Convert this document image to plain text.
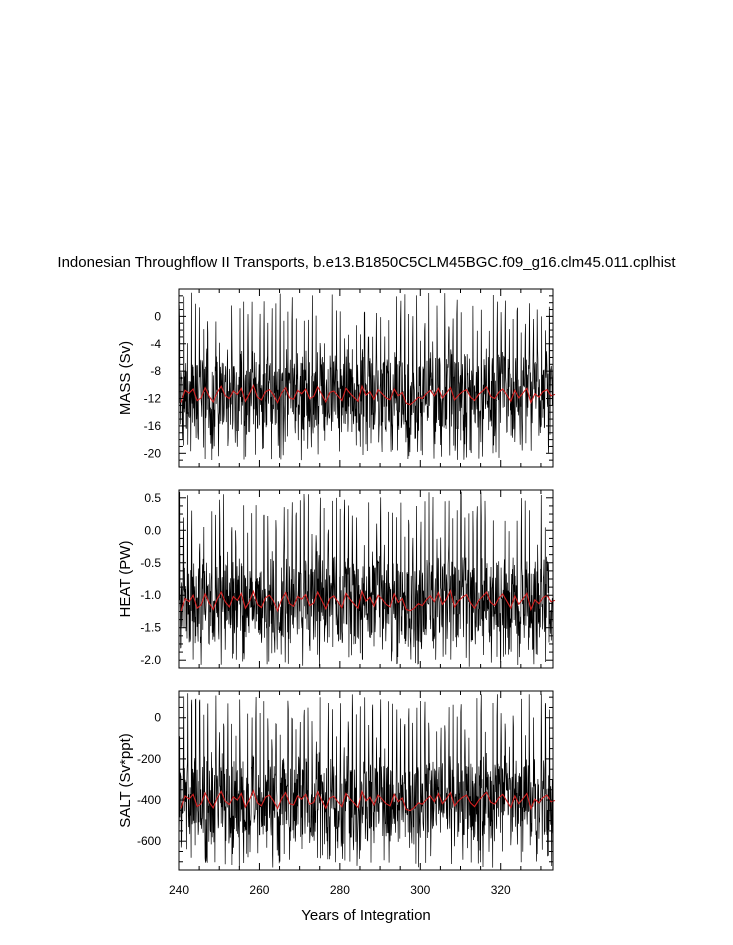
Indonesian Throughflow II Transports, b.e13.B1850C5CLM45BGC.f09_g16.clm45.011.cplhist
0
-4
-8
-12
-16
-20
MASS (Sv)
0.5
0.0
-0.5
-1.0
-1.5
-2.0
HEAT (PW)
0
-200
-400
-600
240	260	280	300	320
SALT (Sv*ppt)
Years of Integration
